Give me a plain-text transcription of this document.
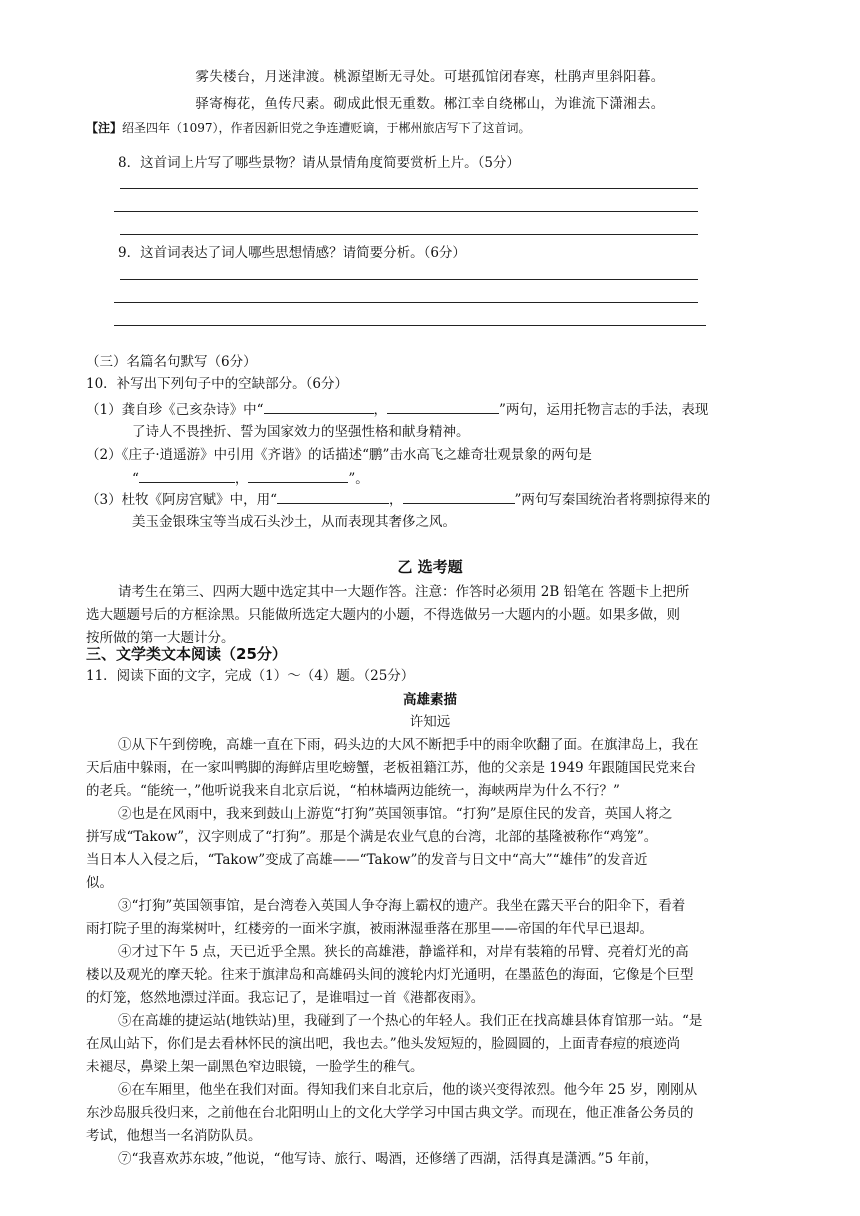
雾失楼台，月迷津渡。桃源望断无寻处。可堪孤馆闭春寒，杜鹃声里斜阳暮。
驿寄梅花，鱼传尺素。砌成此恨无重数。郴江幸自绕郴山，为谁流下潇湘去。
【注】绍圣四年（1097），作者因新旧党之争连遭贬谪，于郴州旅店写下了这首词。
8．这首词上片写了哪些景物？请从景情角度简要赏析上片。（5分）
9．这首词表达了词人哪些思想情感？请简要分析。（6分）
（三）名篇名句默写（6分）
10．补写出下列句子中的空缺部分。（6分）
（1）龚自珍《己亥杂诗》中“	，	”两句，运用托物言志的手法，表现
了诗人不畏挫折、誓为国家效力的坚强性格和献身精神。
（2）《庄子·逍遥游》中引用《齐谐》的话描述“鹏”击水高飞之雄奇壮观景象的两句是
“	，	”。
（3）杜牧《阿房宫赋》中，用“	，	”两句写秦国统治者将剽掠得来的
美玉金银珠宝等当成石头沙土，从而表现其奢侈之风。
乙 选考题
请考生在第三、四两大题中选定其中一大题作答。注意：作答时必须用 2B 铅笔在 答题卡上把所
选大题题号后的方框涂黑。只能做所选定大题内的小题，不得选做另一大题内的小题。如果多做，则
按所做的第一大题计分。
三、文学类文本阅读（25分）
11．阅读下面的文字，完成（1）～（4）题。（25分）
高雄素描
许知远
①从下午到傍晚，高雄一直在下雨，码头边的大风不断把手中的雨伞吹翻了面。在旗津岛上，我在
天后庙中躲雨，在一家叫鸭脚的海鲜店里吃螃蟹，老板祖籍江苏，他的父亲是 1949 年跟随国民党来台
的老兵。“能统一，”他听说我来自北京后说，“柏林墙两边能统一，海峡两岸为什么不行？”
②也是在风雨中，我来到鼓山上游览“打狗”英国领事馆。“打狗”是原住民的发音，英国人将之
拼写成“Takow”，汉字则成了“打狗”。那是个满是农业气息的台湾，北部的基隆被称作“鸡笼”。
当日本人入侵之后，“Takow”变成了高雄——“Takow”的发音与日文中“高大”“雄伟”的发音近
似。
③“打狗”英国领事馆，是台湾卷入英国人争夺海上霸权的遗产。我坐在露天平台的阳伞下，看着
雨打院子里的海棠树叶，红楼旁的一面米字旗，被雨淋湿垂落在那里——帝国的年代早已退却。
④才过下午 5 点，天已近乎全黑。狭长的高雄港，静谧祥和，对岸有装箱的吊臂、亮着灯光的高
楼以及观光的摩天轮。往来于旗津岛和高雄码头间的渡轮内灯光通明，在墨蓝色的海面，它像是个巨型
的灯笼，悠然地漂过洋面。我忘记了，是谁唱过一首《港都夜雨》。
⑤在高雄的捷运站(地铁站)里，我碰到了一个热心的年轻人。我们正在找高雄县体育馆那一站。“是
在凤山站下，你们是去看林怀民的演出吧，我也去。”他头发短短的，脸圆圆的，上面青春痘的痕迹尚
未褪尽，鼻梁上架一副黑色窄边眼镜，一脸学生的稚气。
⑥在车厢里，他坐在我们对面。得知我们来自北京后，他的谈兴变得浓烈。他今年 25 岁，刚刚从
东沙岛服兵役归来，之前他在台北阳明山上的文化大学学习中国古典文学。而现在，他正准备公务员的
考试，他想当一名消防队员。
⑦“我喜欢苏东坡，”他说，“他写诗、旅行、喝酒，还修缮了西湖，活得真是潇洒。”5 年前，
